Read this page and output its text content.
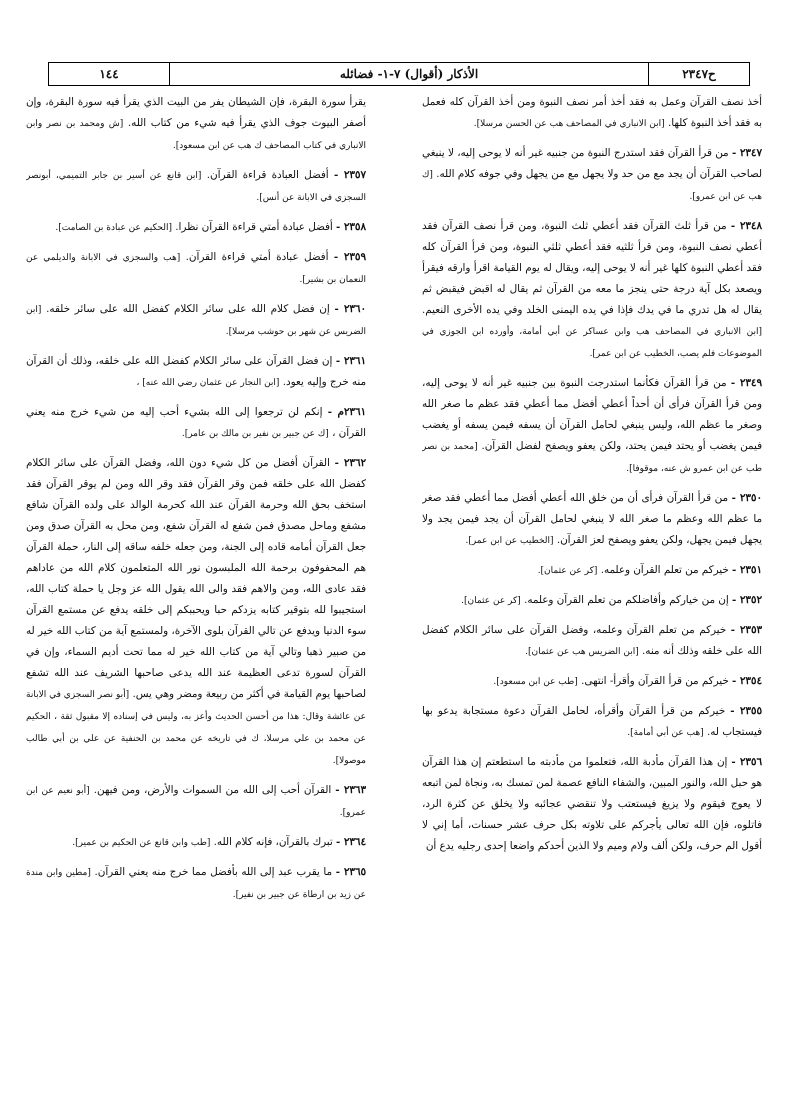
ح٢٣٤٧
الأذكار (أقوال) ٧-١- فضائله
١٤٤

أخذ نصف القرآن وعمل به فقد أخذ أمر نصف النبوة ومن أخذ القرآن كله فعمل به فقد أخذ النبوة كلها. [ابن الانباري في المصاحف هب عن الحسن مرسلا].

٢٣٤٧ - من قرأ القرآن فقد استدرج النبوة من جنبيه غير أنه لا يوحى إليه، لا ينبغي لصاحب القرآن أن يجد مع من حد ولا يجهل مع من يجهل وفي جوفه كلام الله. [ك هب عن ابن عمرو].

٢٣٤٨ - من قرأ ثلث القرآن فقد أعطي ثلث النبوة، ومن قرأ نصف القرآن فقد أعطي نصف النبوة، ومن قرأ ثلثيه فقد أعطي ثلثي النبوة، ومن قرأ القرآن كله فقد أعطي النبوة كلها غير أنه لا يوحى إليه، ويقال له يوم القيامة اقرأ وارقه فيقرأ ويصعد بكل آية درجة حتى ينجز ما معه من القرآن ثم يقال له اقبض فيقبض ثم يقال له هل تدري ما في يدك فإذا في يده اليمنى الخلد وفي يده الأخرى النعيم. [ابن الانباري في المصاحف هب وابن عساكر عن أبي أمامة، وأورده ابن الجوزي في الموضوعات فلم يصب، الخطيب عن ابن عمر].

٢٣٤٩ - من قرأ القرآن فكأنما استدرجت النبوة بين جنبيه غير أنه لا يوحى إليه، ومن قرأ القرآن فرأى أن أحداً أعطي أفضل مما أعطي فقد عظم ما صغر الله وصغر ما عظم الله، وليس ينبغي لحامل القرآن أن يسفه فيمن يسفه أو يغضب فيمن يغضب أو يحتد فيمن يحتد، ولكن يعفو ويصفح لفضل القرآن. [محمد بن نصر طب عن ابن عمرو ش عنه، موقوفا].

٢٣٥٠ - من قرأ القرآن فرأى أن من خلق الله أعطي أفضل مما أعطي فقد صغر ما عظم الله وعظم ما صغر الله لا ينبغي لحامل القرآن أن يجد فيمن يجد ولا يجهل فيمن يجهل، ولكن يعفو ويصفح لعز القرآن. [الخطيب عن ابن عمر].

٢٣٥١ - خيركم من تعلم القرآن وعلمه. [كر عن عثمان].

٢٣٥٢ - إن من خياركم وأفاضلكم من تعلم القرآن وعلمه. [كر عن عثمان].

٢٣٥٣ - خيركم من تعلم القرآن وعلمه، وفضل القرآن على سائر الكلام كفضل الله على خلقه وذلك أنه منه. [ابن الضريس هب عن عثمان].

٢٣٥٤ - خيركم من قرأ القرآن وأقرأ- انتهى. [طب عن ابن مسعود].

٢٣٥٥ - خيركم من قرأ القرآن وأقرأه، لحامل القرآن دعوة مستجابة يدعو بها فيستجاب له. [هب عن أبي أمامة].

٢٣٥٦ - إن هذا القرآن مأدبة الله، فتعلموا من مأدبته ما استطعتم إن هذا القرآن هو حبل الله، والنور المبين، والشفاء النافع عصمة لمن تمسك به، ونجاة لمن اتبعه لا يعوج فيقوم ولا يزيغ فيستعتب ولا تنقضي عجائبه ولا يخلق عن كثرة الرد، فاتلوه، فإن الله تعالى يأجركم على تلاوته بكل حرف عشر حسنات، أما إني لا أقول الم حرف، ولكن ألف ولام وميم ولا الذين أحدكم واضعا إحدى رجليه يدع أن

يقرأ سورة البقرة، فإن الشيطان يفر من البيت الذي يقرأ فيه سورة البقرة، وإن أصفر البيوت جوف الذي يقرأ فيه شيء من كتاب الله. [ش ومحمد بن نصر وابن الانباري في كتاب المصاحف ك هب عن ابن مسعود].

٢٣٥٧ - أفضل العبادة قراءة القرآن. [ابن قانع عن أسير بن جابر التميمي، أبونصر السجزي في الابانة عن أنس].

٢٣٥٨ - أفضل عبادة أمتي قراءة القرآن نظرا. [الحكيم عن عبادة بن الصامت].

٢٣٥٩ - أفضل عبادة أمتي قراءة القرآن. [هب والسجزي في الابانة والديلمي عن النعمان بن بشير].

٢٣٦٠ - إن فضل كلام الله على سائر الكلام كفضل الله على سائر خلقه. [ابن الضريس عن شهر بن حوشب مرسلا].

٢٣٦١ - إن فضل القرآن على سائر الكلام كفضل الله على خلقه، وذلك أن القرآن منه خرج وإليه يعود. [ابن النجار عن عثمان رضي الله عنه] ،

٢٣٦١م - إنكم لن ترجعوا إلى الله بشيء أحب إليه من شيء خرج منه يعني القرآن ، [ك عن جبير بن نفير بن مالك بن عامر].

٢٣٦٢ - القرآن أفضل من كل شيء دون الله، وفضل القرآن على سائر الكلام كفضل الله على خلقه فمن وقر القرآن فقد وقر الله ومن لم يوقر القرآن فقد استخف بحق الله وحرمة القرآن عند الله كحرمة الوالد على ولده القرآن شافع مشفع وماحل مصدق فمن شفع له القرآن شفع، ومن محل به القرآن صدق ومن جعل القرآن أمامه قاده إلى الجنة، ومن جعله خلفه ساقه إلى النار، حملة القرآن هم المحفوفون برحمة الله الملبسون نور الله المتعلمون كلام الله من عاداهم فقد عادى الله، ومن والاهم فقد والى الله يقول الله عز وجل يا حملة كتاب الله، استجيبوا لله بتوقير كتابه يزدكم حبا ويحببكم إلى خلقه يدفع عن مستمع القرآن سوء الدنيا ويدفع عن تالي القرآن بلوى الآخرة، ولمستمع آية من كتاب الله خير له من صبير ذهبا وتالي آية من كتاب الله خير له مما تحت أديم السماء، وإن في القرآن لسورة تدعى العظيمة عند الله يدعى صاحبها الشريف عند الله تشفع لصاحبها يوم القيامة في أكثر من ربيعة ومضر وهي يس. [أبو نصر السجزي في الابانة عن عائشة وقال: هذا من أحسن الحديث وأعز به، وليس في إسناده إلا مقبول ثقة ، الحكيم عن محمد بن علي مرسلا، ك في تاريخه عن محمد بن الحنفية عن علي بن أبي طالب موصولا].

٢٣٦٣ - القرآن أحب إلى الله من السموات والأرض، ومن فيهن. [أبو نعيم عن ابن عمرو].

٢٣٦٤ - تبرك بالقرآن، فإنه كلام الله. [طب وابن قانع عن الحكيم بن عمير].

٢٣٦٥ - ما يقرب عبد إلى الله بأفضل مما خرج منه يعني القرآن. [مطين وابن مندة عن زيد بن ارطاة عن جبير بن نفير].
